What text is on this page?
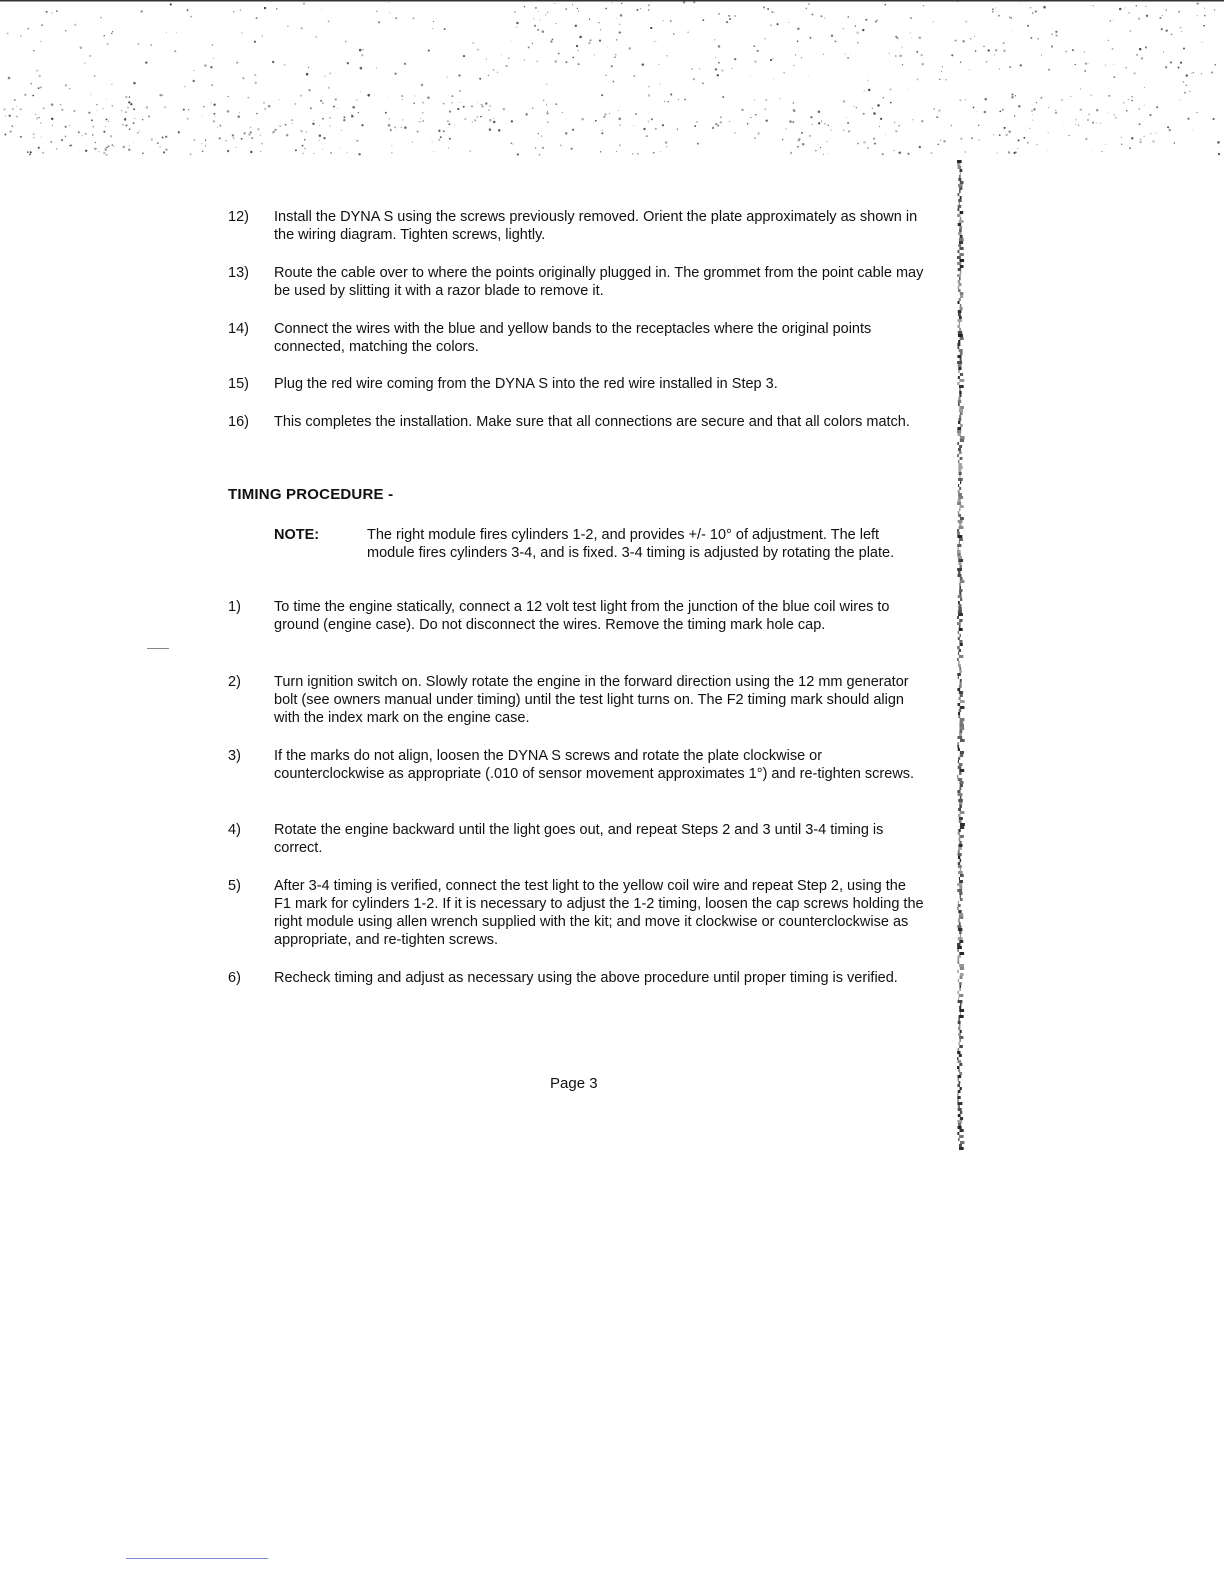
12)	Install the DYNA S using the screws previously removed. Orient the plate approximately as shown in the wiring diagram. Tighten screws, lightly.
13)	Route the cable over to where the points originally plugged in. The grommet from the point cable may be used by slitting it with a razor blade to remove it.
14)	Connect the wires with the blue and yellow bands to the receptacles where the original points connected, matching the colors.
15)	Plug the red wire coming from the DYNA S into the red wire installed in Step 3.
16)	This completes the installation. Make sure that all connections are secure and that all colors match.
TIMING PROCEDURE -
NOTE:	The right module fires cylinders 1-2, and provides +/- 10° of adjustment. The left module fires cylinders 3-4, and is fixed. 3-4 timing is adjusted by rotating the plate.
1)	To time the engine statically, connect a 12 volt test light from the junction of the blue coil wires to ground (engine case). Do not disconnect the wires. Remove the timing mark hole cap.
2)	Turn ignition switch on. Slowly rotate the engine in the forward direction using the 12 mm generator bolt (see owners manual under timing) until the test light turns on. The F2 timing mark should align with the index mark on the engine case.
3)	If the marks do not align, loosen the DYNA S screws and rotate the plate clockwise or counterclockwise as appropriate (.010 of sensor movement approximates 1°) and re-tighten screws.
4)	Rotate the engine backward until the light goes out, and repeat Steps 2 and 3 until 3-4 timing is correct.
5)	After 3-4 timing is verified, connect the test light to the yellow coil wire and repeat Step 2, using the F1 mark for cylinders 1-2. If it is necessary to adjust the 1-2 timing, loosen the cap screws holding the right module using allen wrench supplied with the kit; and move it clockwise or counterclockwise as appropriate, and re-tighten screws.
6)	Recheck timing and adjust as necessary using the above procedure until proper timing is verified.
Page 3
